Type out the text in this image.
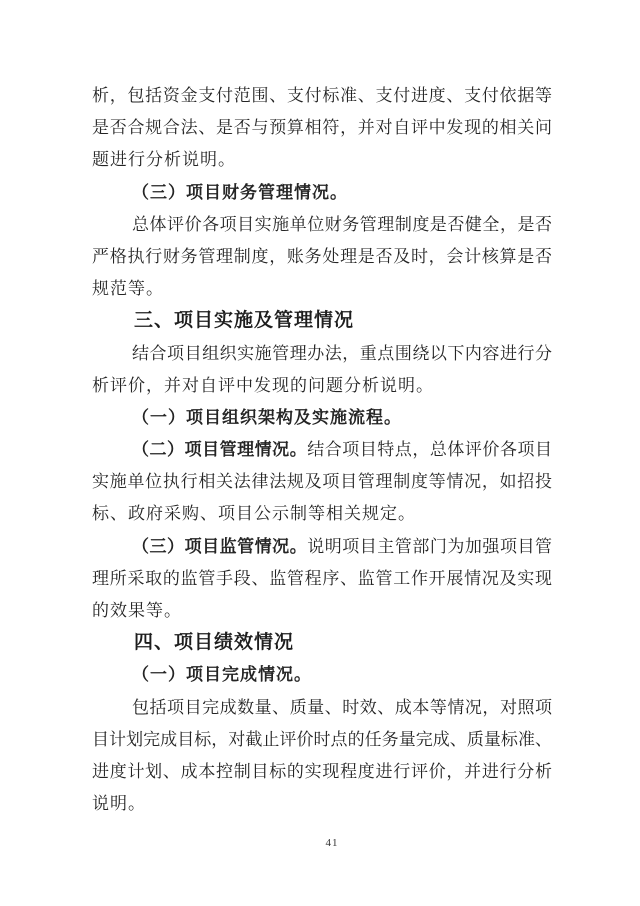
析，包括资金支付范围、支付标准、支付进度、支付依据等
是否合规合法、是否与预算相符，并对自评中发现的相关问
题进行分析说明。
（三）项目财务管理情况。
总体评价各项目实施单位财务管理制度是否健全，是否
严格执行财务管理制度，账务处理是否及时，会计核算是否
规范等。
三、项目实施及管理情况
结合项目组织实施管理办法，重点围绕以下内容进行分
析评价，并对自评中发现的问题分析说明。
（一）项目组织架构及实施流程。
（二）项目管理情况。结合项目特点，总体评价各项目
实施单位执行相关法律法规及项目管理制度等情况，如招投
标、政府采购、项目公示制等相关规定。
（三）项目监管情况。说明项目主管部门为加强项目管
理所采取的监管手段、监管程序、监管工作开展情况及实现
的效果等。
四、项目绩效情况
（一）项目完成情况。
包括项目完成数量、质量、时效、成本等情况，对照项
目计划完成目标，对截止评价时点的任务量完成、质量标准、
进度计划、成本控制目标的实现程度进行评价，并进行分析
说明。
41
